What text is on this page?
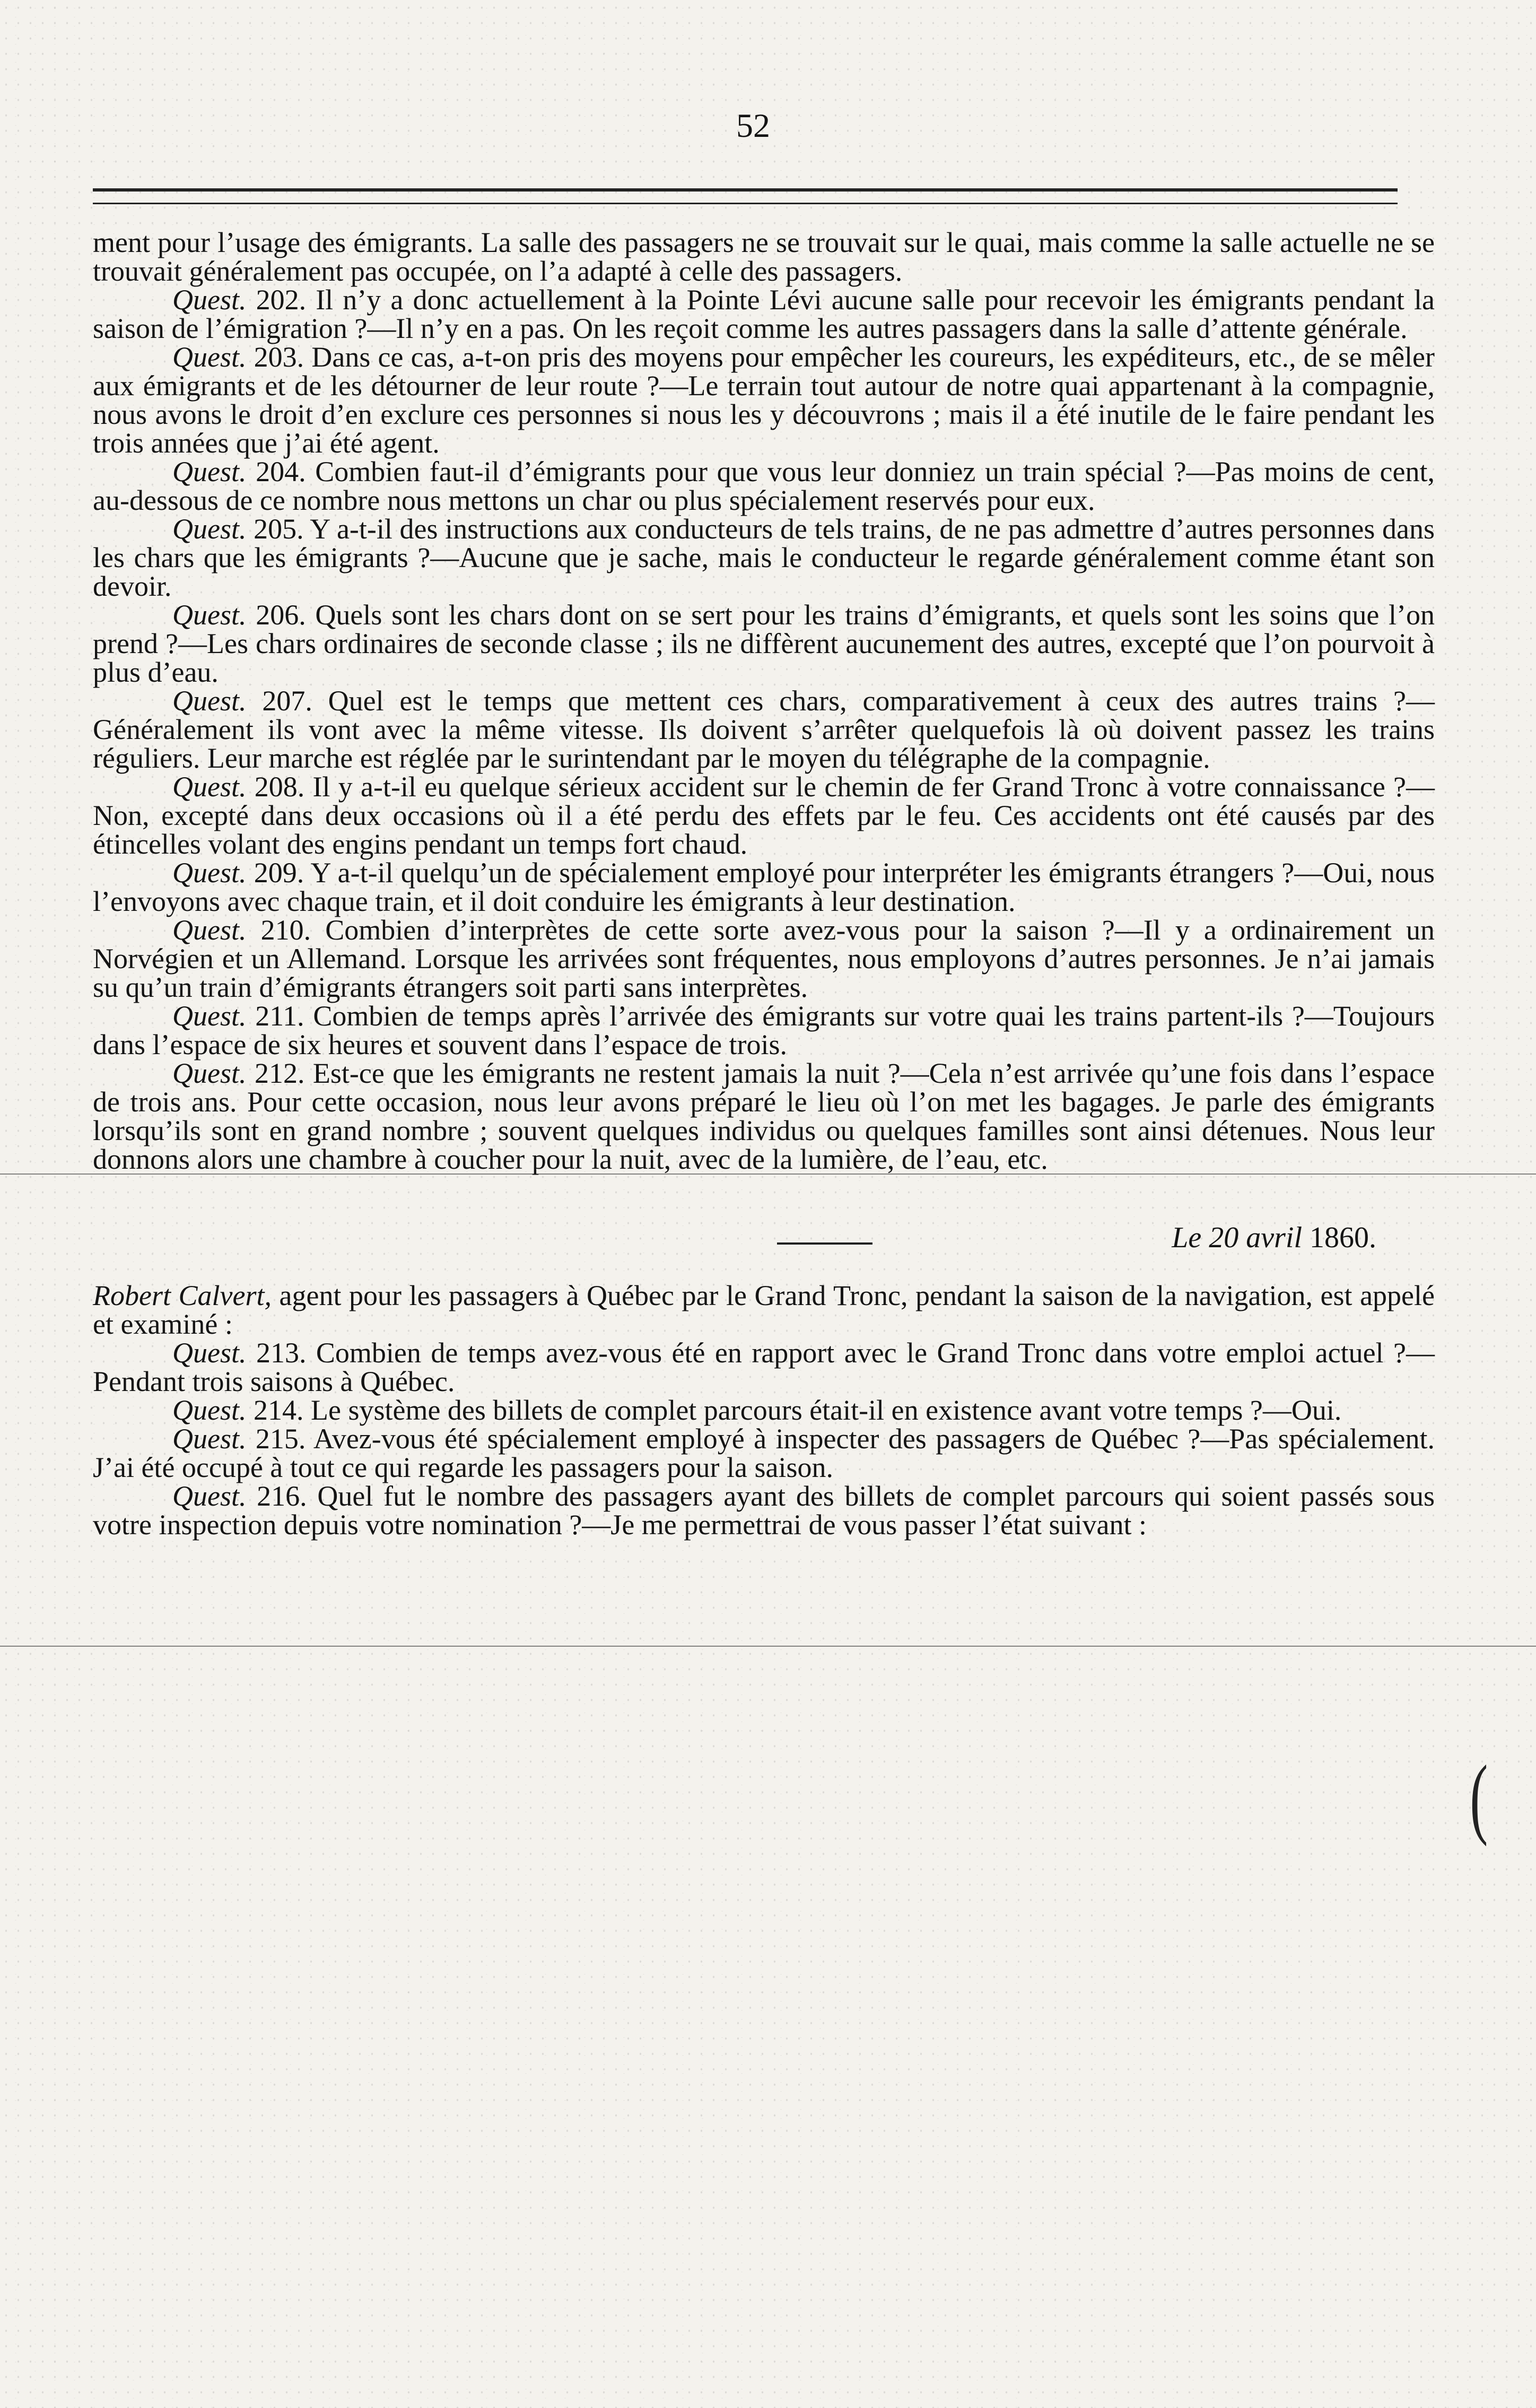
52

ment pour l’usage des émigrants. La salle des passagers ne se trouvait sur le quai, mais comme la salle actuelle ne se trouvait généralement pas occupée, on l’a adapté à celle des passagers.

Quest. 202. Il n’y a donc actuellement à la Pointe Lévi aucune salle pour recevoir les émigrants pendant la saison de l’émigration ?—Il n’y en a pas. On les reçoit comme les autres passagers dans la salle d’attente générale.

Quest. 203. Dans ce cas, a-t-on pris des moyens pour empêcher les coureurs, les expéditeurs, etc., de se mêler aux émigrants et de les détourner de leur route ?—Le terrain tout autour de notre quai appartenant à la compagnie, nous avons le droit d’en exclure ces personnes si nous les y découvrons ; mais il a été inutile de le faire pendant les trois années que j’ai été agent.

Quest. 204. Combien faut-il d’émigrants pour que vous leur donniez un train spécial ?—Pas moins de cent, au-dessous de ce nombre nous mettons un char ou plus spécialement reservés pour eux.

Quest. 205. Y a-t-il des instructions aux conducteurs de tels trains, de ne pas admettre d’autres personnes dans les chars que les émigrants ?—Aucune que je sache, mais le conducteur le regarde généralement comme étant son devoir.

Quest. 206. Quels sont les chars dont on se sert pour les trains d’émigrants, et quels sont les soins que l’on prend ?—Les chars ordinaires de seconde classe ; ils ne diffèrent aucunement des autres, excepté que l’on pourvoit à plus d’eau.

Quest. 207. Quel est le temps que mettent ces chars, comparativement à ceux des autres trains ?—Généralement ils vont avec la même vitesse. Ils doivent s’arrêter quelquefois là où doivent passez les trains réguliers. Leur marche est réglée par le surintendant par le moyen du télégraphe de la compagnie.

Quest. 208. Il y a-t-il eu quelque sérieux accident sur le chemin de fer Grand Tronc à votre connaissance ?—Non, excepté dans deux occasions où il a été perdu des effets par le feu. Ces accidents ont été causés par des étincelles volant des engins pendant un temps fort chaud.

Quest. 209. Y a-t-il quelqu’un de spécialement employé pour interpréter les émigrants étrangers ?—Oui, nous l’envoyons avec chaque train, et il doit conduire les émigrants à leur destination.

Quest. 210. Combien d’interprètes de cette sorte avez-vous pour la saison ?—Il y a ordinairement un Norvégien et un Allemand. Lorsque les arrivées sont fréquentes, nous employons d’autres personnes. Je n’ai jamais su qu’un train d’émigrants étrangers soit parti sans interprètes.

Quest. 211. Combien de temps après l’arrivée des émigrants sur votre quai les trains partent-ils ?—Toujours dans l’espace de six heures et souvent dans l’espace de trois.

Quest. 212. Est-ce que les émigrants ne restent jamais la nuit ?—Cela n’est arrivée qu’une fois dans l’espace de trois ans. Pour cette occasion, nous leur avons préparé le lieu où l’on met les bagages. Je parle des émigrants lorsqu’ils sont en grand nombre ; souvent quelques individus ou quelques familles sont ainsi détenues. Nous leur donnons alors une chambre à coucher pour la nuit, avec de la lumière, de l’eau, etc.

Le 20 avril 1860.

Robert Calvert, agent pour les passagers à Québec par le Grand Tronc, pendant la saison de la navigation, est appelé et examiné :

Quest. 213. Combien de temps avez-vous été en rapport avec le Grand Tronc dans votre emploi actuel ?—Pendant trois saisons à Québec.

Quest. 214. Le système des billets de complet parcours était-il en existence avant votre temps ?—Oui.

Quest. 215. Avez-vous été spécialement employé à inspecter des passagers de Québec ?—Pas spécialement. J’ai été occupé à tout ce qui regarde les passagers pour la saison.

Quest. 216. Quel fut le nombre des passagers ayant des billets de complet parcours qui soient passés sous votre inspection depuis votre nomination ?—Je me permettrai de vous passer l’état suivant :

(
